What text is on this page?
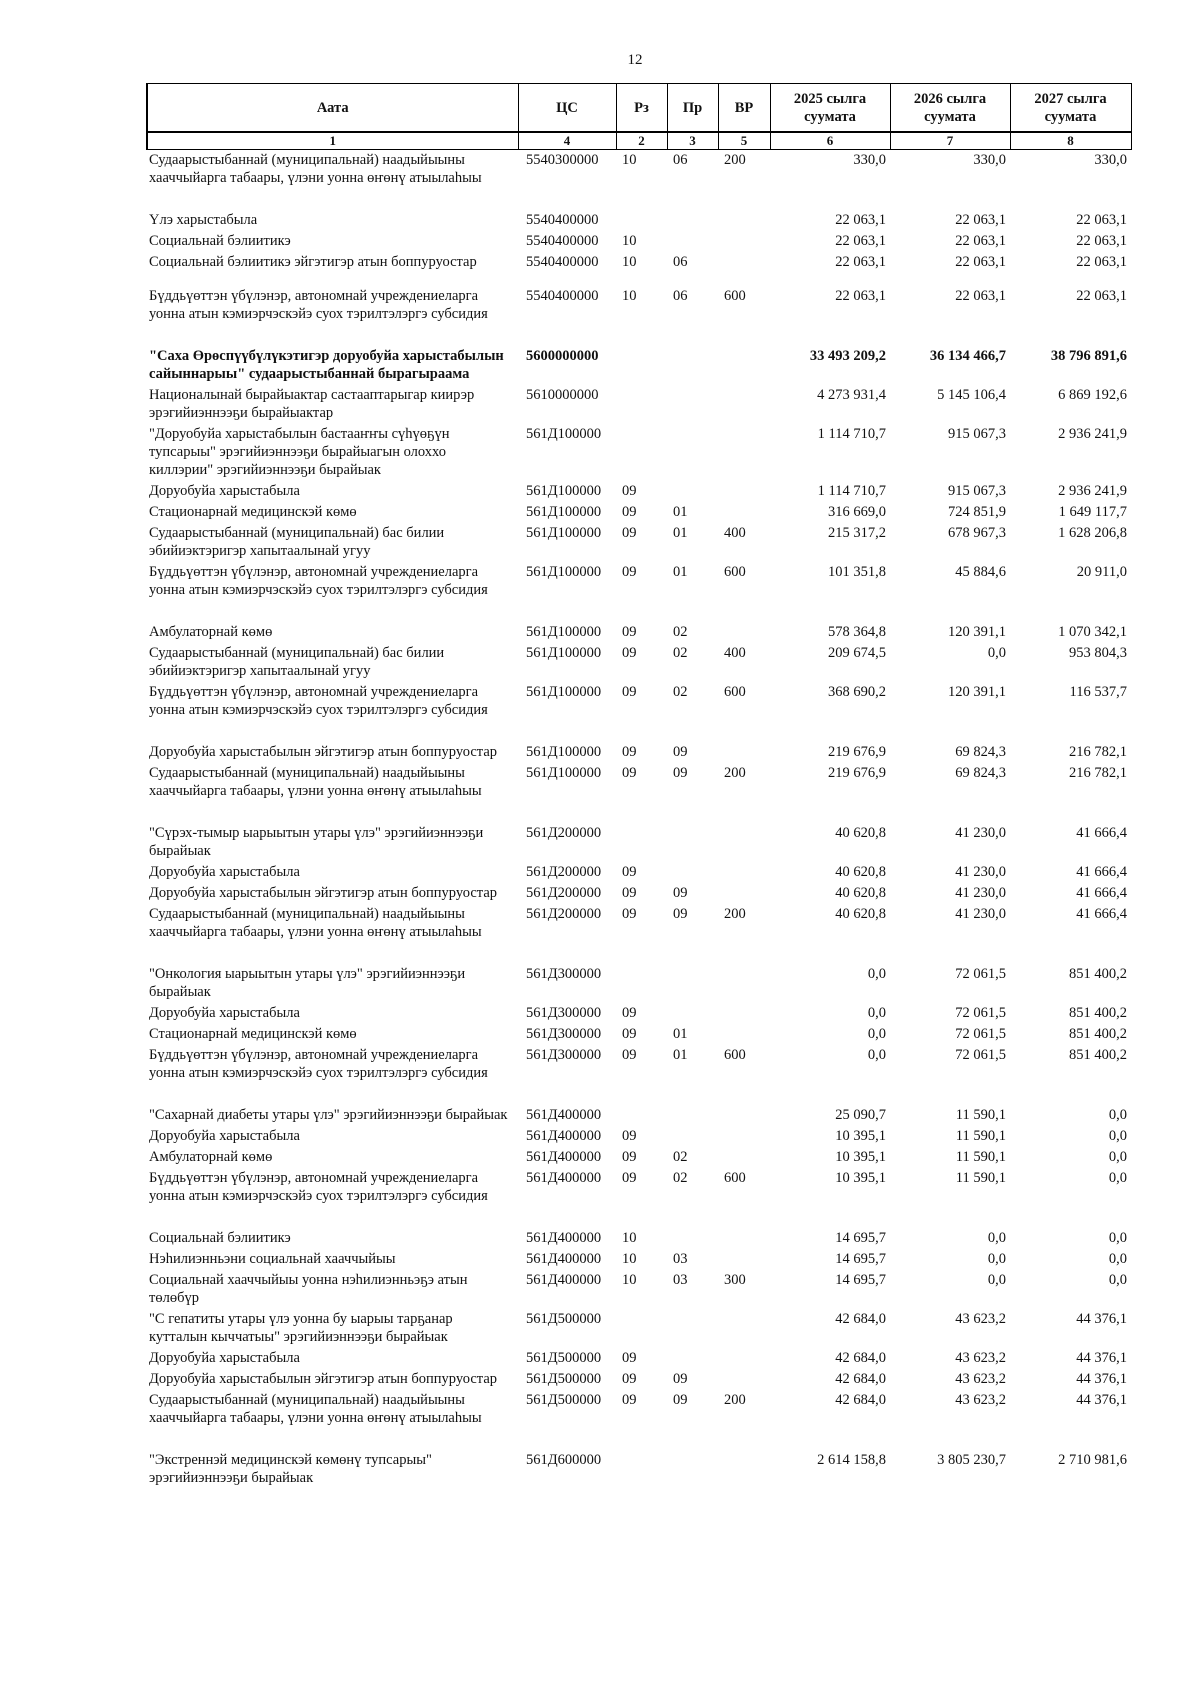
12
Аата	ЦС	Рз	Пр	ВР	2025 сылга суумата	2026 сылга суумата	2027 сылга суумата
1	4	2	3	5	6	7	8
Судаарыстыбаннай (муниципальнай) наадыйыыны хааччыйарга табаары, үлэни уонна өҥөнү атыылаһыы	5540300000	10	06	200	330,0	330,0	330,0
Үлэ харыстабыла	5540400000				22 063,1	22 063,1	22 063,1
Социальнай бэлиитикэ	5540400000	10			22 063,1	22 063,1	22 063,1
Социальнай бэлиитикэ эйгэтигэр атын боппуруостар	5540400000	10	06		22 063,1	22 063,1	22 063,1
Бүддьүөттэн үбүлэнэр, автономнай учреждениеларга уонна атын кэмиэрчэскэйэ суох тэрилтэлэргэ субсидия	5540400000	10	06	600	22 063,1	22 063,1	22 063,1
"Саха Өрөспүүбүлүкэтигэр доруобуйа харыстабылын сайыннарыы" судаарыстыбаннай бырагыраама	5600000000				33 493 209,2	36 134 466,7	38 796 891,6
Националынай бырайыактар састааптарыгар киирэр эрэгийиэннээҕи бырайыактар	5610000000				4 273 931,4	5 145 106,4	6 869 192,6
"Доруобуйа харыстабылын бастааҥҥы сүһүөҕүн тупсарыы" эрэгийиэннээҕи бырайыагын олоххо киллэрии" эрэгийиэннээҕи бырайыак	561Д100000				1 114 710,7	915 067,3	2 936 241,9
Доруобуйа харыстабыла	561Д100000	09			1 114 710,7	915 067,3	2 936 241,9
Стационарнай медицинскэй көмө	561Д100000	09	01		316 669,0	724 851,9	1 649 117,7
Судаарыстыбаннай (муниципальнай) бас билии эбийиэктэригэр хапытаалынай угуу	561Д100000	09	01	400	215 317,2	678 967,3	1 628 206,8
Бүддьүөттэн үбүлэнэр, автономнай учреждениеларга уонна атын кэмиэрчэскэйэ суох тэрилтэлэргэ субсидия	561Д100000	09	01	600	101 351,8	45 884,6	20 911,0
Амбулаторнай көмө	561Д100000	09	02		578 364,8	120 391,1	1 070 342,1
Судаарыстыбаннай (муниципальнай) бас билии эбийиэктэригэр хапытаалынай угуу	561Д100000	09	02	400	209 674,5	0,0	953 804,3
Бүддьүөттэн үбүлэнэр, автономнай учреждениеларга уонна атын кэмиэрчэскэйэ суох тэрилтэлэргэ субсидия	561Д100000	09	02	600	368 690,2	120 391,1	116 537,7
Доруобуйа харыстабылын эйгэтигэр атын боппуруостар	561Д100000	09	09		219 676,9	69 824,3	216 782,1
Судаарыстыбаннай (муниципальнай) наадыйыыны хааччыйарга табаары, үлэни уонна өҥөнү атыылаһыы	561Д100000	09	09	200	219 676,9	69 824,3	216 782,1
"Сүрэх-тымыр ыарыытын утары үлэ" эрэгийиэннээҕи бырайыак	561Д200000				40 620,8	41 230,0	41 666,4
Доруобуйа харыстабыла	561Д200000	09			40 620,8	41 230,0	41 666,4
Доруобуйа харыстабылын эйгэтигэр атын боппуруостар	561Д200000	09	09		40 620,8	41 230,0	41 666,4
Судаарыстыбаннай (муниципальнай) наадыйыыны хааччыйарга табаары, үлэни уонна өҥөнү атыылаһыы	561Д200000	09	09	200	40 620,8	41 230,0	41 666,4
"Онкология ыарыытын утары үлэ" эрэгийиэннээҕи бырайыак	561Д300000				0,0	72 061,5	851 400,2
Доруобуйа харыстабыла	561Д300000	09			0,0	72 061,5	851 400,2
Стационарнай медицинскэй көмө	561Д300000	09	01		0,0	72 061,5	851 400,2
Бүддьүөттэн үбүлэнэр, автономнай учреждениеларга уонна атын кэмиэрчэскэйэ суох тэрилтэлэргэ субсидия	561Д300000	09	01	600	0,0	72 061,5	851 400,2
"Сахарнай диабеты утары үлэ" эрэгийиэннээҕи бырайыак	561Д400000				25 090,7	11 590,1	0,0
Доруобуйа харыстабыла	561Д400000	09			10 395,1	11 590,1	0,0
Амбулаторнай көмө	561Д400000	09	02		10 395,1	11 590,1	0,0
Бүддьүөттэн үбүлэнэр, автономнай учреждениеларга уонна атын кэмиэрчэскэйэ суох тэрилтэлэргэ субсидия	561Д400000	09	02	600	10 395,1	11 590,1	0,0
Социальнай бэлиитикэ	561Д400000	10			14 695,7	0,0	0,0
Нэһилиэнньэни социальнай хааччыйыы	561Д400000	10	03		14 695,7	0,0	0,0
Социальнай хааччыйыы уонна нэһилиэнньэҕэ атын төлөбүр	561Д400000	10	03	300	14 695,7	0,0	0,0
"С гепатиты утары үлэ уонна бу ыарыы тарҕанар кутталын кыччатыы" эрэгийиэннээҕи бырайыак	561Д500000				42 684,0	43 623,2	44 376,1
Доруобуйа харыстабыла	561Д500000	09			42 684,0	43 623,2	44 376,1
Доруобуйа харыстабылын эйгэтигэр атын боппуруостар	561Д500000	09	09		42 684,0	43 623,2	44 376,1
Судаарыстыбаннай (муниципальнай) наадыйыыны хааччыйарга табаары, үлэни уонна өҥөнү атыылаһыы	561Д500000	09	09	200	42 684,0	43 623,2	44 376,1
"Экстреннэй медицинскэй көмөнү тупсарыы" эрэгийиэннээҕи бырайыак	561Д600000				2 614 158,8	3 805 230,7	2 710 981,6
